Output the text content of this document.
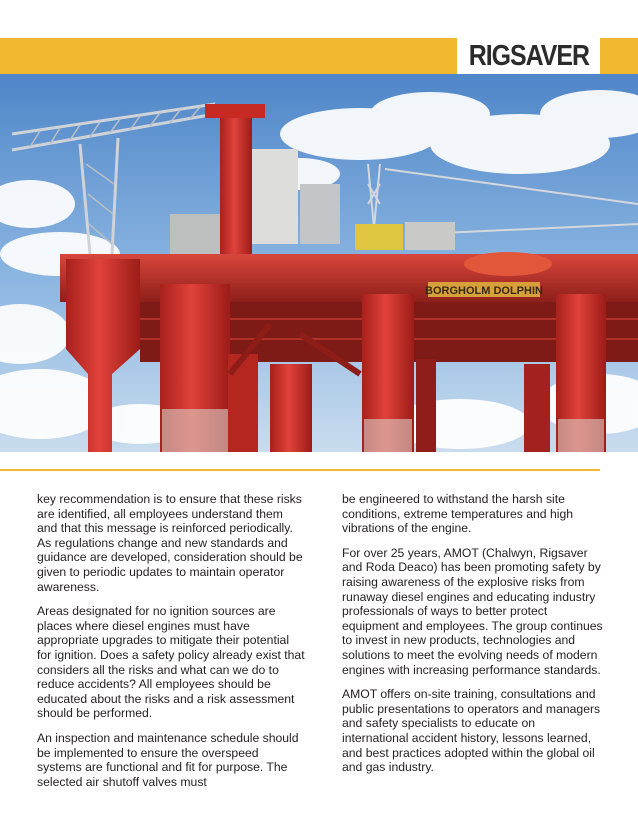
RIGSAVER
BORGHOLM DOLPHIN

key recommendation is to ensure that these risks are identified, all employees understand them and that this message is reinforced periodically. As regulations change and new standards and guidance are developed, consideration should be given to periodic updates to maintain operator awareness.

Areas designated for no ignition sources are places where diesel engines must have appropriate upgrades to mitigate their potential for ignition. Does a safety policy already exist that considers all the risks and what can we do to reduce accidents? All employees should be educated about the risks and a risk assessment should be performed.

An inspection and maintenance schedule should be implemented to ensure the overspeed systems are functional and fit for purpose. The selected air shutoff valves must

be engineered to withstand the harsh site conditions, extreme temperatures and high vibrations of the engine.

For over 25 years, AMOT (Chalwyn, Rigsaver and Roda Deaco) has been promoting safety by raising awareness of the explosive risks from runaway diesel engines and educating industry professionals of ways to better protect equipment and employees. The group continues to invest in new products, technologies and solutions to meet the evolving needs of modern engines with increasing performance standards.

AMOT offers on-site training, consultations and public presentations to operators and managers and safety specialists to educate on international accident history, lessons learned, and best practices adopted within the global oil and gas industry.
